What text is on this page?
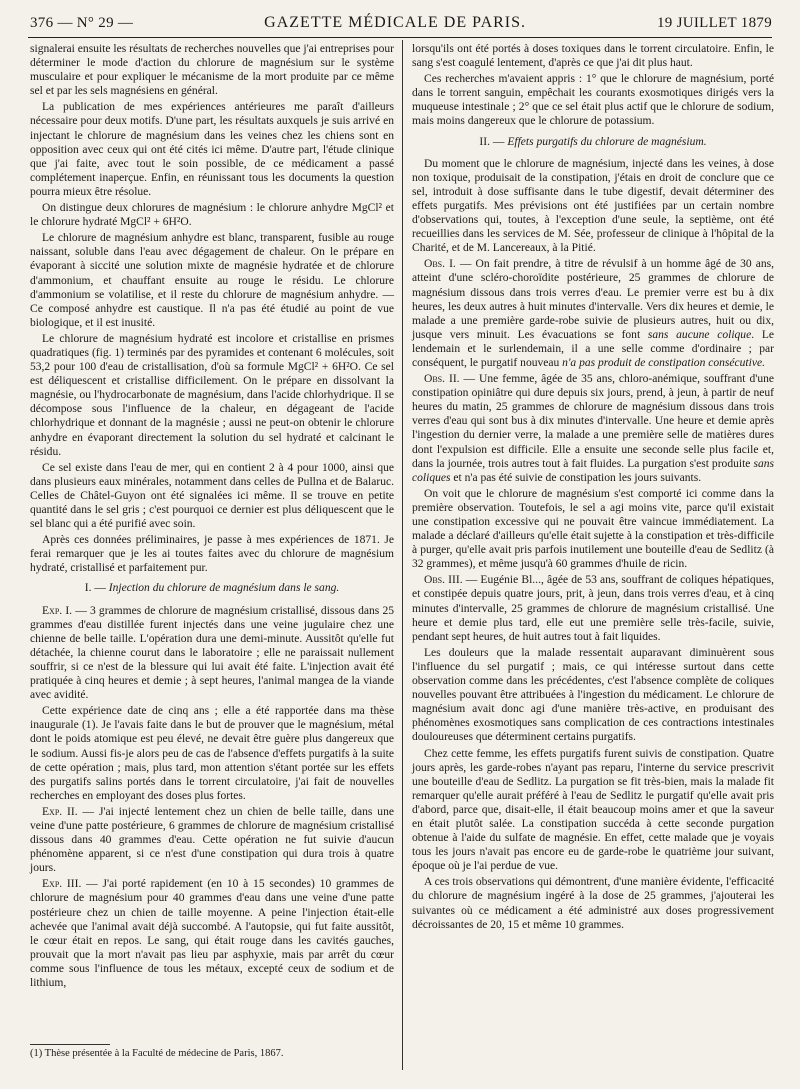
376 — N° 29 —	GAZETTE MÉDICALE DE PARIS.	19 JUILLET 1879

signalerai ensuite les résultats de recherches nouvelles que j'ai entreprises pour déterminer le mode d'action du chlorure de magnésium sur le système musculaire et pour expliquer le mécanisme de la mort produite par ce même sel et par les sels magnésiens en général.

La publication de mes expériences antérieures me paraît d'ailleurs nécessaire pour deux motifs. D'une part, les résultats auxquels je suis arrivé en injectant le chlorure de magnésium dans les veines chez les chiens sont en opposition avec ceux qui ont été cités ici même. D'autre part, l'étude clinique que j'ai faite, avec tout le soin possible, de ce médicament a passé complétement inaperçue. Enfin, en réunissant tous les documents la question pourra mieux être résolue.

On distingue deux chlorures de magnésium : le chlorure anhydre MgCl² et le chlorure hydraté MgCl² + 6H²O.

Le chlorure de magnésium anhydre est blanc, transparent, fusible au rouge naissant, soluble dans l'eau avec dégagement de chaleur. On le prépare en évaporant à siccité une solution mixte de magnésie hydratée et de chlorure d'ammonium, et chauffant ensuite au rouge le résidu. Le chlorure d'ammonium se volatilise, et il reste du chlorure de magnésium anhydre. — Ce composé anhydre est caustique. Il n'a pas été étudié au point de vue biologique, et il est inusité.

Le chlorure de magnésium hydraté est incolore et cristallise en prismes quadratiques (fig. 1) terminés par des pyramides et contenant 6 molécules, soit 53,2 pour 100 d'eau de cristallisation, d'où sa formule MgCl² + 6H²O. Ce sel est déliquescent et cristallise difficilement. On le prépare en dissolvant la magnésie, ou l'hydrocarbonate de magnésium, dans l'acide chlorhydrique. Il se décompose sous l'influence de la chaleur, en dégageant de l'acide chlorhydrique et donnant de la magnésie ; aussi ne peut-on obtenir le chlorure anhydre en évaporant directement la solution du sel hydraté et calcinant le résidu.

Ce sel existe dans l'eau de mer, qui en contient 2 à 4 pour 1000, ainsi que dans plusieurs eaux minérales, notamment dans celles de Pullna et de Balaruc. Celles de Châtel-Guyon ont été signalées ici même. Il se trouve en petite quantité dans le sel gris ; c'est pourquoi ce dernier est plus déliquescent que le sel blanc qui a été purifié avec soin.

Après ces données préliminaires, je passe à mes expériences de 1871. Je ferai remarquer que je les ai toutes faites avec du chlorure de magnésium hydraté, cristallisé et parfaitement pur.

I. — Injection du chlorure de magnésium dans le sang.

Exp. I. — 3 grammes de chlorure de magnésium cristallisé, dissous dans 25 grammes d'eau distillée furent injectés dans une veine jugulaire chez une chienne de belle taille. L'opération dura une demi-minute. Aussitôt qu'elle fut détachée, la chienne courut dans le laboratoire ; elle ne paraissait nullement souffrir, si ce n'est de la blessure qui lui avait été faite. L'injection avait été pratiquée à cinq heures et demie ; à sept heures, l'animal mangea de la viande avec avidité.

Cette expérience date de cinq ans ; elle a été rapportée dans ma thèse inaugurale (1). Je l'avais faite dans le but de prouver que le magnésium, métal dont le poids atomique est peu élevé, ne devait être guère plus dangereux que le sodium. Aussi fis-je alors peu de cas de l'absence d'effets purgatifs à la suite de cette opération ; mais, plus tard, mon attention s'étant portée sur les effets des purgatifs salins portés dans le torrent circulatoire, j'ai fait de nouvelles recherches en employant des doses plus fortes.

Exp. II. — J'ai injecté lentement chez un chien de belle taille, dans une veine d'une patte postérieure, 6 grammes de chlorure de magnésium cristallisé dissous dans 40 grammes d'eau. Cette opération ne fut suivie d'aucun phénomène apparent, si ce n'est d'une constipation qui dura trois à quatre jours.

Exp. III. — J'ai porté rapidement (en 10 à 15 secondes) 10 grammes de chlorure de magnésium pour 40 grammes d'eau dans une veine d'une patte postérieure chez un chien de taille moyenne. A peine l'injection était-elle achevée que l'animal avait déjà succombé. A l'autopsie, qui fut faite aussitôt, le cœur était en repos. Le sang, qui était rouge dans les cavités gauches, prouvait que la mort n'avait pas lieu par asphyxie, mais par arrêt du cœur comme sous l'influence de tous les métaux, excepté ceux de sodium et de lithium,

lorsqu'ils ont été portés à doses toxiques dans le torrent circulatoire. Enfin, le sang s'est coagulé lentement, d'après ce que j'ai dit plus haut.

Ces recherches m'avaient appris : 1° que le chlorure de magnésium, porté dans le torrent sanguin, empêchait les courants exosmotiques dirigés vers la muqueuse intestinale ; 2° que ce sel était plus actif que le chlorure de sodium, mais moins dangereux que le chlorure de potassium.

II. — Effets purgatifs du chlorure de magnésium.

Du moment que le chlorure de magnésium, injecté dans les veines, à dose non toxique, produisait de la constipation, j'étais en droit de conclure que ce sel, introduit à dose suffisante dans le tube digestif, devait déterminer des effets purgatifs. Mes prévisions ont été justifiées par un certain nombre d'observations qui, toutes, à l'exception d'une seule, la septième, ont été recueillies dans les services de M. Sée, professeur de clinique à l'hôpital de la Charité, et de M. Lancereaux, à la Pitié.

Obs. I. — On fait prendre, à titre de révulsif à un homme âgé de 30 ans, atteint d'une scléro-choroïdite postérieure, 25 grammes de chlorure de magnésium dissous dans trois verres d'eau. Le premier verre est bu à dix heures, les deux autres à huit minutes d'intervalle. Vers dix heures et demie, le malade a une première garde-robe suivie de plusieurs autres, huit ou dix, jusque vers minuit. Les évacuations se font sans aucune colique. Le lendemain et le surlendemain, il a une selle comme d'ordinaire ; par conséquent, le purgatif nouveau n'a pas produit de constipation consécutive.

Obs. II. — Une femme, âgée de 35 ans, chloro-anémique, souffrant d'une constipation opiniâtre qui dure depuis six jours, prend, à jeun, à partir de neuf heures du matin, 25 grammes de chlorure de magnésium dissous dans trois verres d'eau qui sont bus à dix minutes d'intervalle. Une heure et demie après l'ingestion du dernier verre, la malade a une première selle de matières dures dont l'expulsion est difficile. Elle a ensuite une seconde selle plus facile et, dans la journée, trois autres tout à fait fluides. La purgation s'est produite sans coliques et n'a pas été suivie de constipation les jours suivants.

On voit que le chlorure de magnésium s'est comporté ici comme dans la première observation. Toutefois, le sel a agi moins vite, parce qu'il existait une constipation excessive qui ne pouvait être vaincue immédiatement. La malade a déclaré d'ailleurs qu'elle était sujette à la constipation et très-difficile à purger, qu'elle avait pris parfois inutilement une bouteille d'eau de Sedlitz (à 32 grammes), et même jusqu'à 60 grammes d'huile de ricin.

Obs. III. — Eugénie Bl..., âgée de 53 ans, souffrant de coliques hépatiques, et constipée depuis quatre jours, prit, à jeun, dans trois verres d'eau, et à cinq minutes d'intervalle, 25 grammes de chlorure de magnésium cristallisé. Une heure et demie plus tard, elle eut une première selle très-facile, suivie, pendant sept heures, de huit autres tout à fait liquides.

Les douleurs que la malade ressentait auparavant diminuèrent sous l'influence du sel purgatif ; mais, ce qui intéresse surtout dans cette observation comme dans les précédentes, c'est l'absence complète de coliques nouvelles pouvant être attribuées à l'ingestion du médicament. Le chlorure de magnésium avait donc agi d'une manière très-active, en produisant des phénomènes exosmotiques sans complication de ces contractions intestinales douloureuses que déterminent certains purgatifs.

Chez cette femme, les effets purgatifs furent suivis de constipation. Quatre jours après, les garde-robes n'ayant pas reparu, l'interne du service prescrivit une bouteille d'eau de Sedlitz. La purgation se fit très-bien, mais la malade fit remarquer qu'elle aurait préféré à l'eau de Sedlitz le purgatif qu'elle avait pris d'abord, parce que, disait-elle, il était beaucoup moins amer et que la saveur en était plutôt salée. La constipation succéda à cette seconde purgation obtenue à l'aide du sulfate de magnésie. En effet, cette malade que je voyais tous les jours n'avait pas encore eu de garde-robe le quatrième jour suivant, époque où je l'ai perdue de vue.

A ces trois observations qui démontrent, d'une manière évidente, l'efficacité du chlorure de magnésium ingéré à la dose de 25 grammes, j'ajouterai les suivantes où ce médicament a été administré aux doses progressivement décroissantes de 20, 15 et même 10 grammes.

(1) Thèse présentée à la Faculté de médecine de Paris, 1867.
